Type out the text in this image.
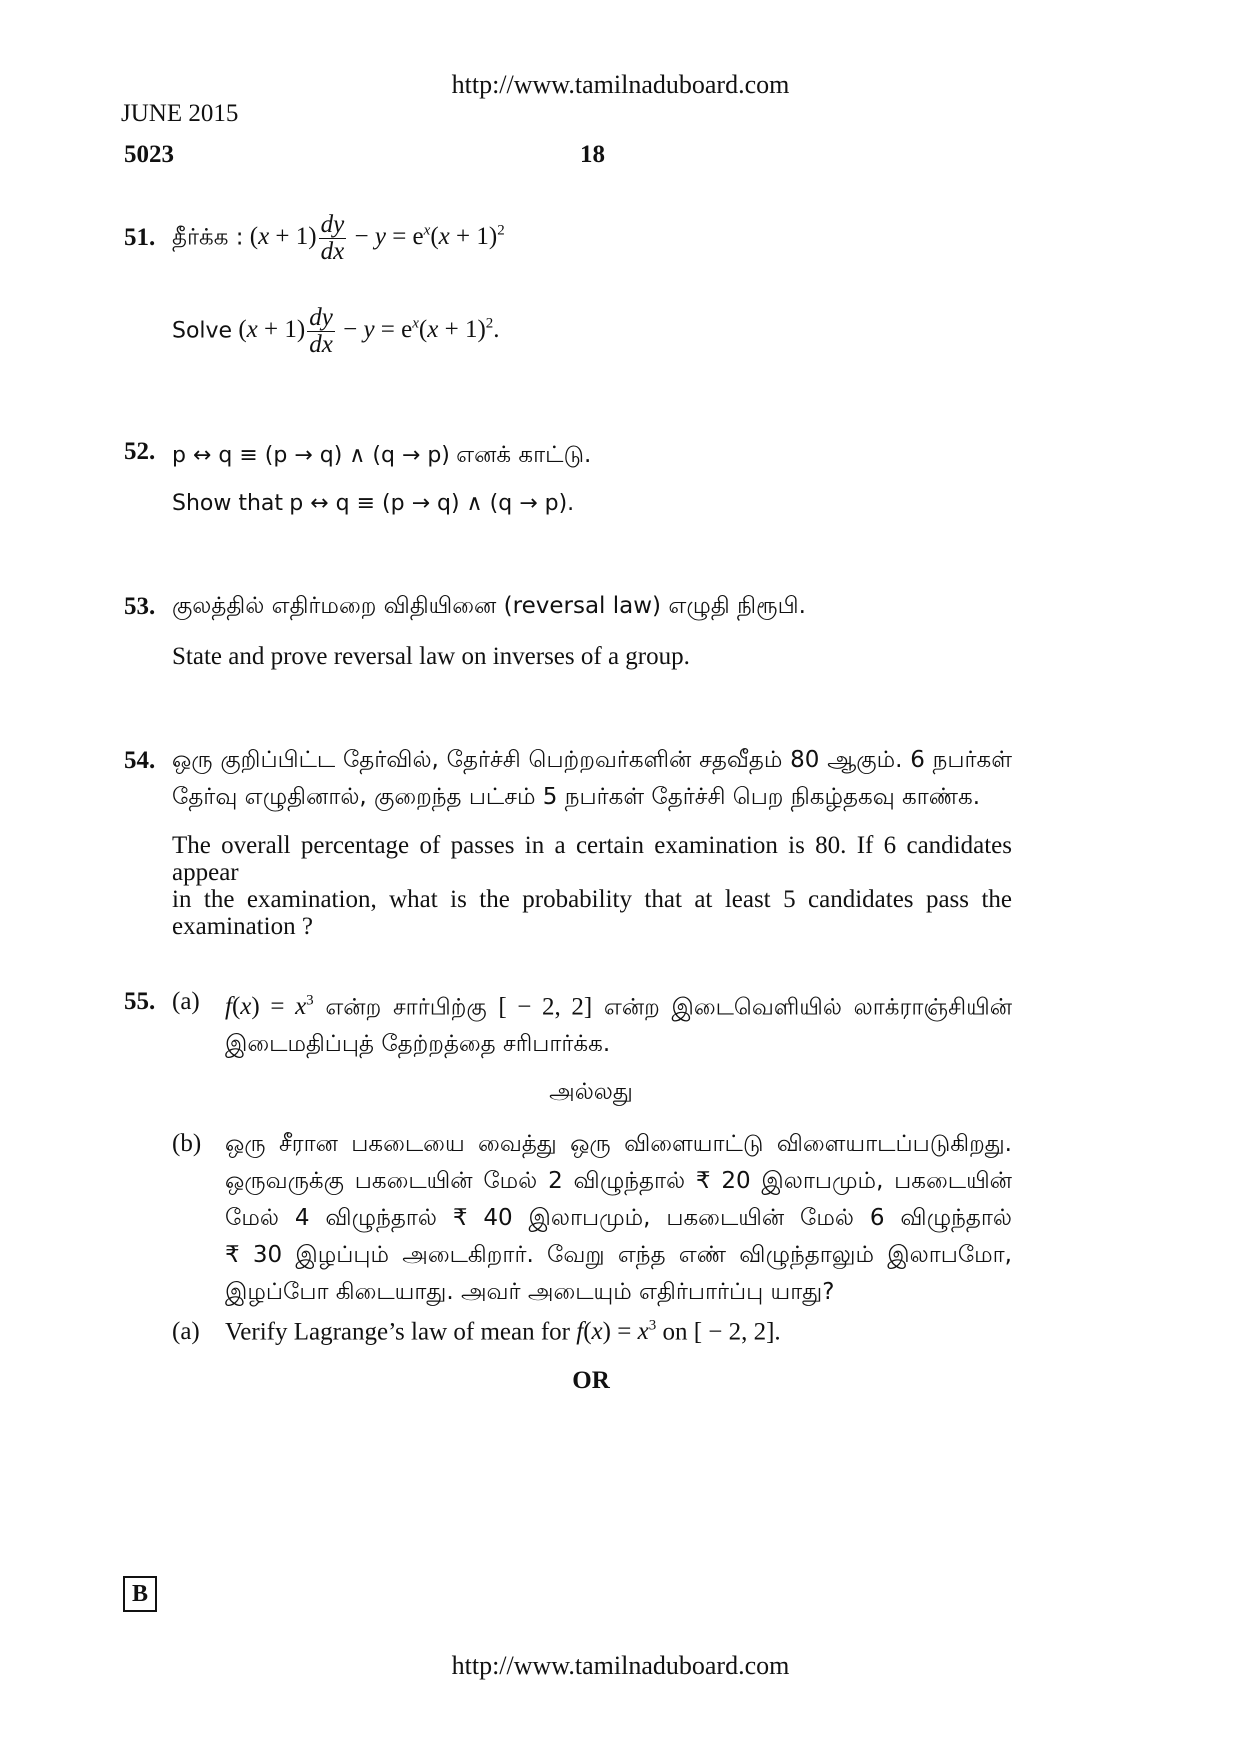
http://www.tamilnaduboard.com
JUNE 2015
5023	18
51. தீர்க்க : $(x + 1) \frac{dy}{dx} - y = e^x(x + 1)^2$
Solve $(x + 1) \frac{dy}{dx} - y = e^x(x + 1)^2$.
52. p ↔ q ≡ (p → q) ∧ (q → p) எனக் காட்டு.
Show that p ↔ q ≡ (p → q) ∧ (q → p).
53. குலத்தில் எதிர்மறை விதியினை (reversal law) எழுதி நிரூபி.
State and prove reversal law on inverses of a group.
54. ஒரு குறிப்பிட்ட தேர்வில், தேர்ச்சி பெற்றவர்களின் சதவீதம் 80 ஆகும். 6 நபர்கள்
தேர்வு எழுதினால், குறைந்த பட்சம் 5 நபர்கள் தேர்ச்சி பெற நிகழ்தகவு காண்க.
The overall percentage of passes in a certain examination is 80. If 6 candidates appear
in the examination, what is the probability that at least 5 candidates pass the
examination ?
55. (a) $f(x) = x^3$ என்ற சார்பிற்கு [ − 2, 2] என்ற இடைவெளியில் லாக்ராஞ்சியின்
இடைமதிப்புத் தேற்றத்தை சரிபார்க்க.
அல்லது
(b) ஒரு சீரான பகடையை வைத்து ஒரு விளையாட்டு விளையாடப்படுகிறது.
ஒருவருக்கு பகடையின் மேல் 2 விழுந்தால் ₹ 20 இலாபமும், பகடையின்
மேல் 4 விழுந்தால் ₹ 40 இலாபமும், பகடையின் மேல் 6 விழுந்தால்
₹ 30 இழப்பும் அடைகிறார். வேறு எந்த எண் விழுந்தாலும் இலாபமோ,
இழப்போ கிடையாது. அவர் அடையும் எதிர்பார்ப்பு யாது?
(a) Verify Lagrange’s law of mean for $f(x) = x^3$ on [ − 2, 2].
OR
B
http://www.tamilnaduboard.com
